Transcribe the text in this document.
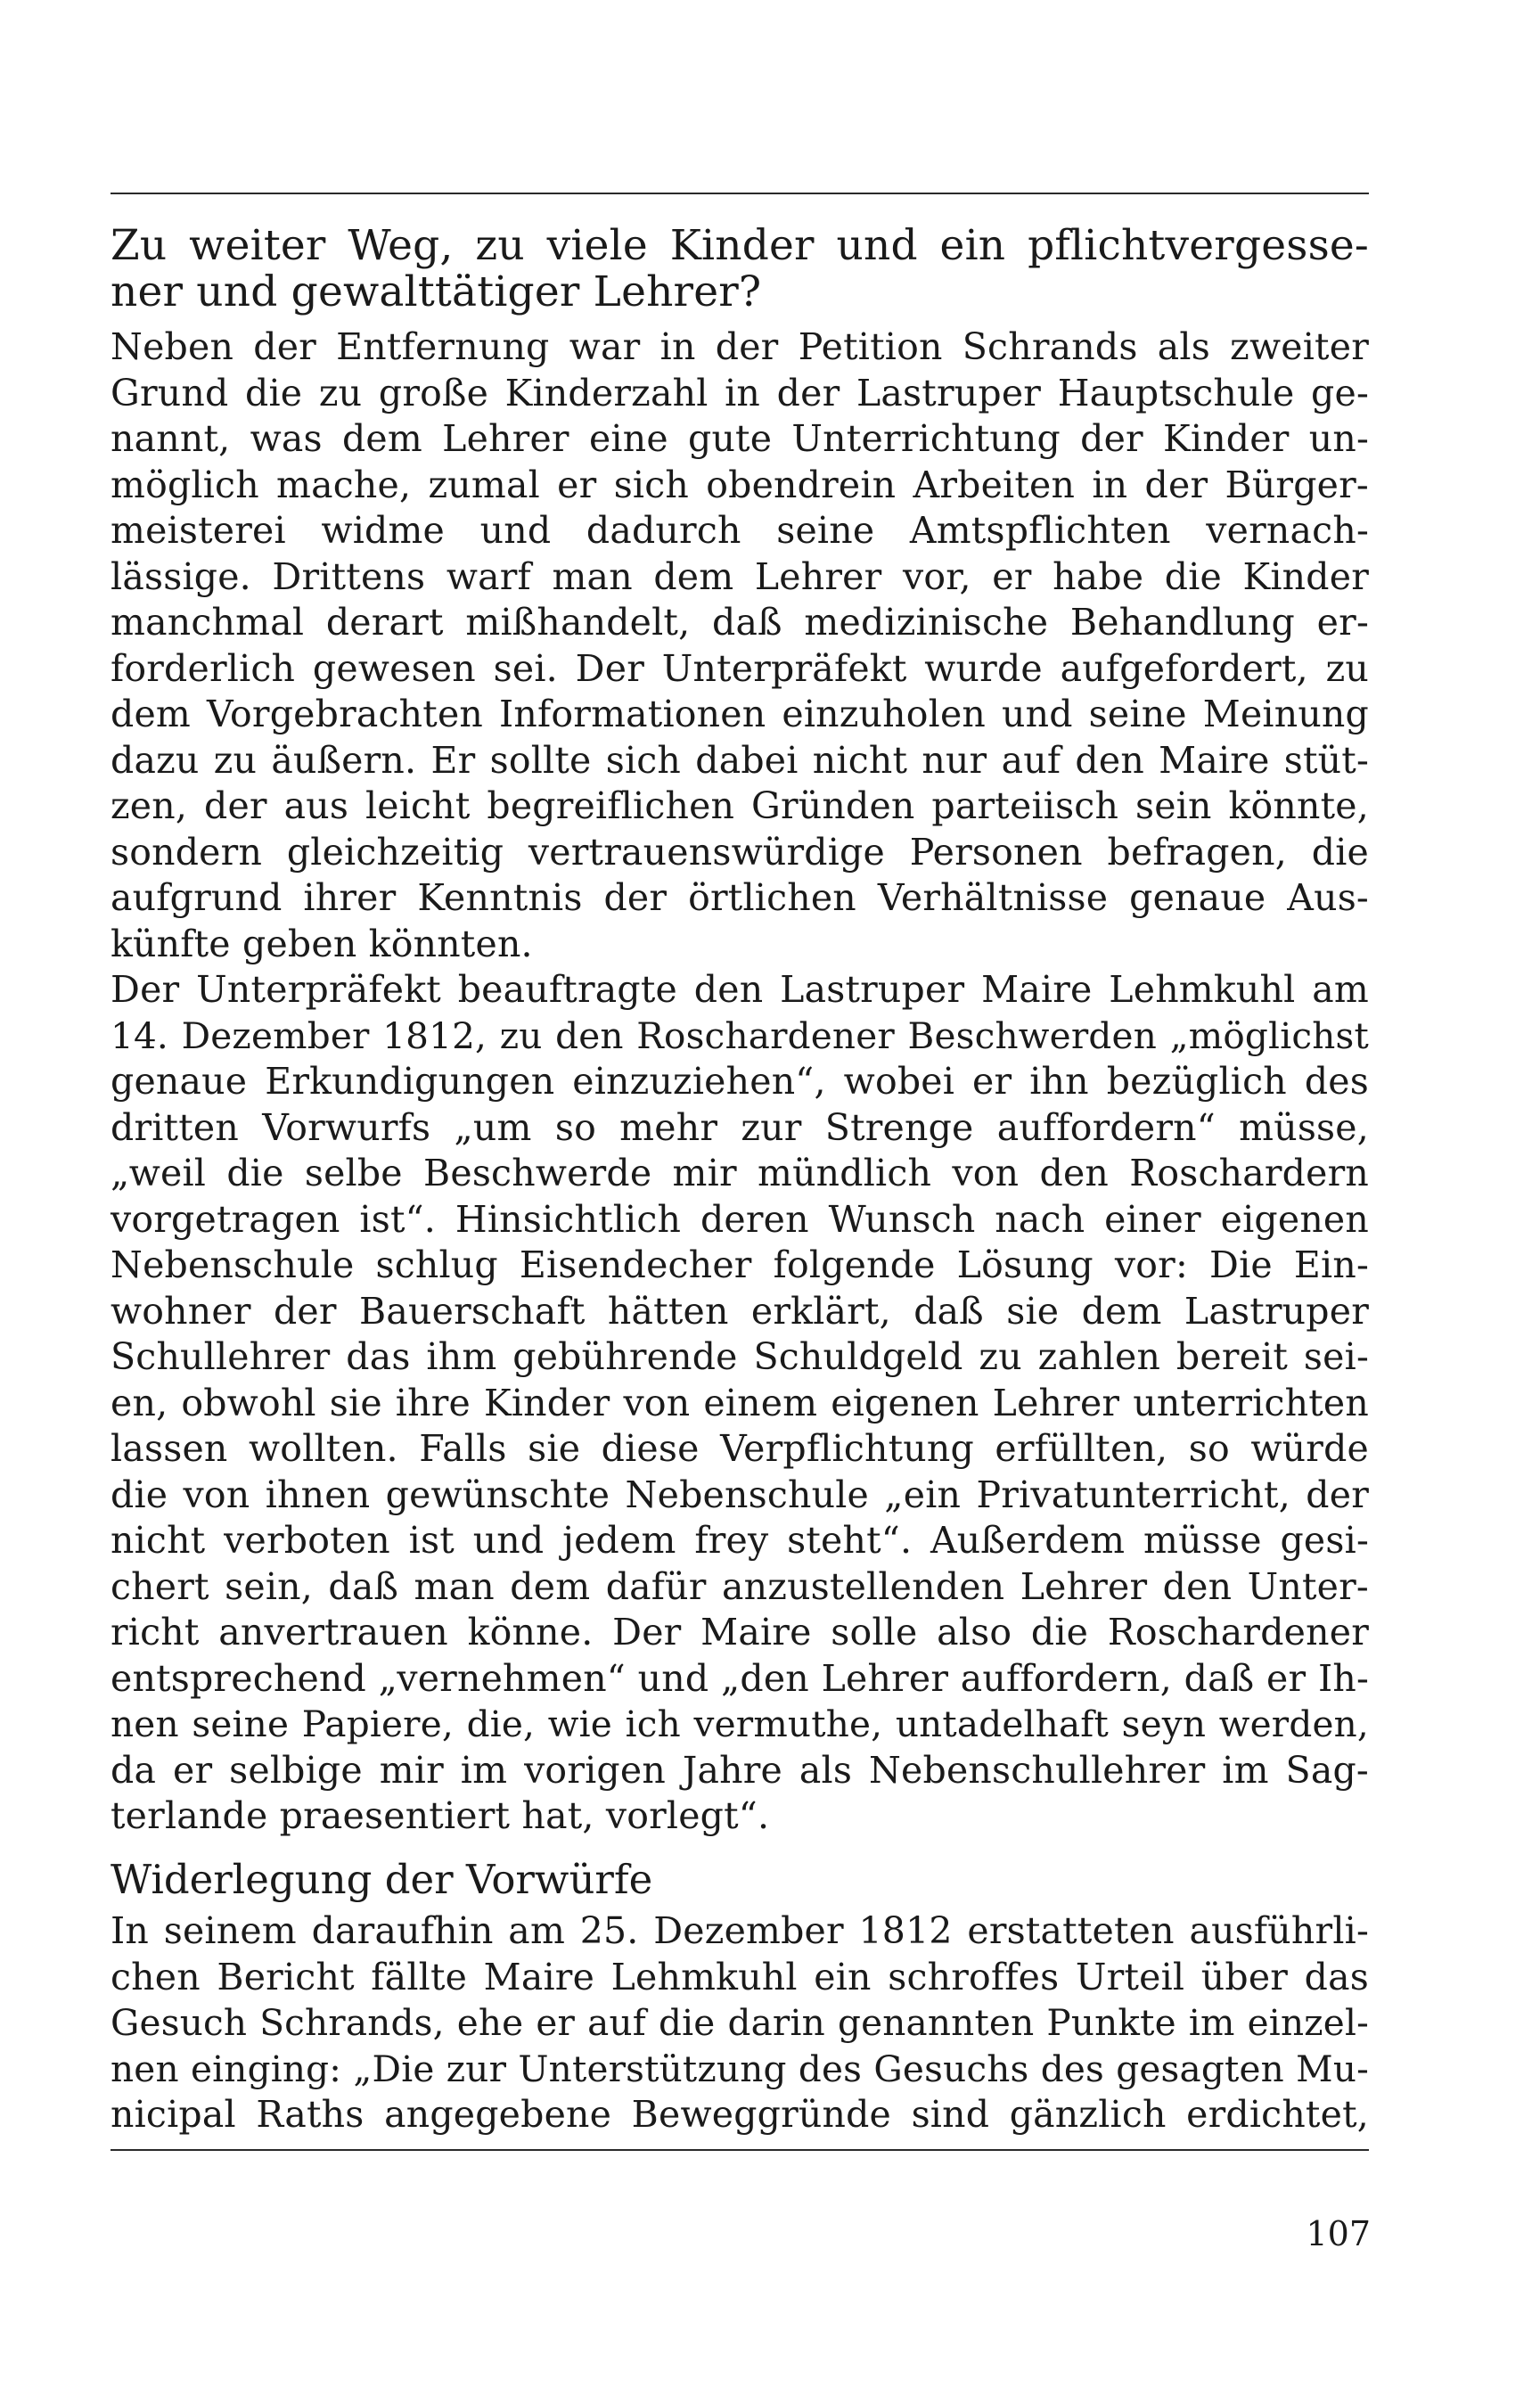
Zu weiter Weg, zu viele Kinder und ein pflichtvergesse-
ner und gewalttätiger Lehrer?
Neben der Entfernung war in der Petition Schrands als zweiter
Grund die zu große Kinderzahl in der Lastruper Hauptschule ge-
nannt, was dem Lehrer eine gute Unterrichtung der Kinder un-
möglich mache, zumal er sich obendrein Arbeiten in der Bürger-
meisterei widme und dadurch seine Amtspflichten vernach-
lässige. Drittens warf man dem Lehrer vor, er habe die Kinder
manchmal derart mißhandelt, daß medizinische Behandlung er-
forderlich gewesen sei. Der Unterpräfekt wurde aufgefordert, zu
dem Vorgebrachten Informationen einzuholen und seine Meinung
dazu zu äußern. Er sollte sich dabei nicht nur auf den Maire stüt-
zen, der aus leicht begreiflichen Gründen parteiisch sein könnte,
sondern gleichzeitig vertrauenswürdige Personen befragen, die
aufgrund ihrer Kenntnis der örtlichen Verhältnisse genaue Aus-
künfte geben könnten.
Der Unterpräfekt beauftragte den Lastruper Maire Lehmkuhl am
14. Dezember 1812, zu den Roschardener Beschwerden „möglichst
genaue Erkundigungen einzuziehen“, wobei er ihn bezüglich des
dritten Vorwurfs „um so mehr zur Strenge auffordern“ müsse,
„weil die selbe Beschwerde mir mündlich von den Roschardern
vorgetragen ist“. Hinsichtlich deren Wunsch nach einer eigenen
Nebenschule schlug Eisendecher folgende Lösung vor: Die Ein-
wohner der Bauerschaft hätten erklärt, daß sie dem Lastruper
Schullehrer das ihm gebührende Schuldgeld zu zahlen bereit sei-
en, obwohl sie ihre Kinder von einem eigenen Lehrer unterrichten
lassen wollten. Falls sie diese Verpflichtung erfüllten, so würde
die von ihnen gewünschte Nebenschule „ein Privatunterricht, der
nicht verboten ist und jedem frey steht“. Außerdem müsse gesi-
chert sein, daß man dem dafür anzustellenden Lehrer den Unter-
richt anvertrauen könne. Der Maire solle also die Roschardener
entsprechend „vernehmen“ und „den Lehrer auffordern, daß er Ih-
nen seine Papiere, die, wie ich vermuthe, untadelhaft seyn werden,
da er selbige mir im vorigen Jahre als Nebenschullehrer im Sag-
terlande praesentiert hat, vorlegt“.
Widerlegung der Vorwürfe
In seinem daraufhin am 25. Dezember 1812 erstatteten ausführli-
chen Bericht fällte Maire Lehmkuhl ein schroffes Urteil über das
Gesuch Schrands, ehe er auf die darin genannten Punkte im einzel-
nen einging: „Die zur Unterstützung des Gesuchs des gesagten Mu-
nicipal Raths angegebene Beweggründe sind gänzlich erdichtet,
107
